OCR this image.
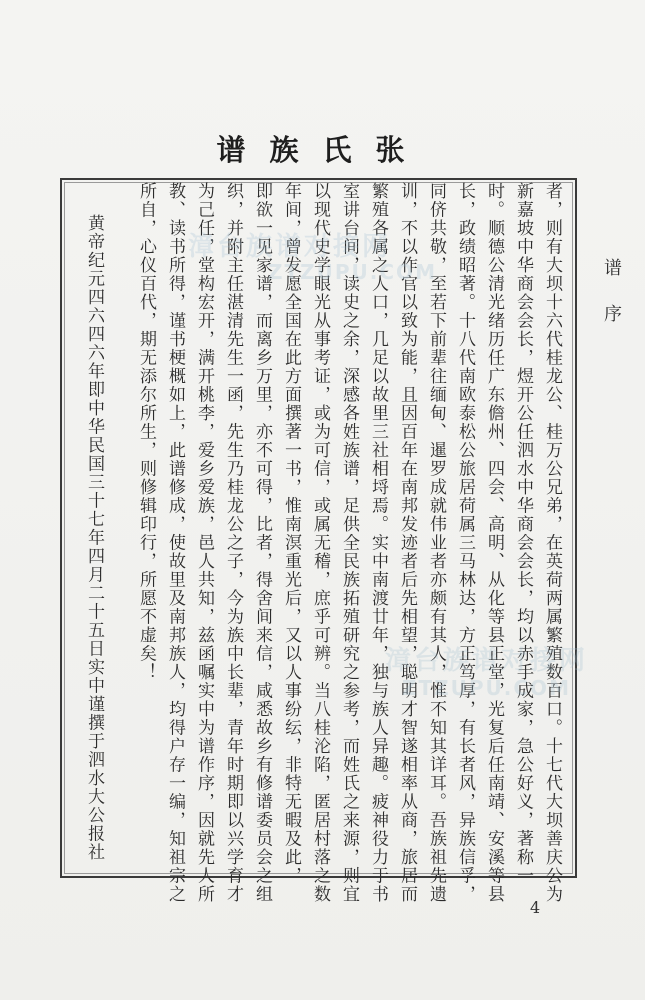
谱族氏张
谱序
者，则有大坝十六代桂龙公、桂万公兄弟，在英荷两属繁殖数百口。十七代大坝善庆公为
新嘉坡中华商会会长，煜开公任泗水中华商会会长，均以赤手成家，急公好义，著称一
时。顺德公清光绪历任广东儋州、四会、高明、从化等县正堂，光复后任南靖、安溪等县
长，政绩昭著。十八代南欧泰松公旅居荷属三马林达，方正笃厚，有长者风，异族信孚，
同侪共敬，至若下前辈往缅甸、暹罗成就伟业者亦颇有其人，惟不知其详耳。吾族祖先遗
训，不以作官以致为能，且因百年在南邦发迹者后先相望，聪明才智遂相率从商，旅居而
繁殖各属之人口，几足以故里三社相埒焉。实中南渡廿年，独与族人异趣。疲神役力于书
室讲台间，读史之余，深感各姓族谱，足供全民族拓殖研究之参考，而姓氏之来源，则宜
以现代史学眼光从事考证，或为可信，或属无稽，庶乎可辨。当八桂沦陷，匿居村落之数
年间，曾发愿全国在此方面撰著一书，惟南溟重光后，又以人事纷纭，非特无暇及此，
即欲一见家谱，而离乡万里，亦不可得，比者，得舍间来信，咸悉故乡有修谱委员会之组
织，并附主任湛清先生一函，先生乃桂龙公之子，今为族中长辈，青年时期即以兴学育才
为己任，堂构宏开，满开桃李，爱乡爱族，邑人共知，兹函嘱实中为谱作序，因就先人所
教、读书所得，谨书梗概如上，此谱修成，使故里及南邦族人，均得户存一编，知祖宗之
所自，心仪百代，期无添尔所生，则修辑印行，所愿不虚矣！
黄帝纪元四六四六年即中华民国三十七年四月二十五日实中谨撰于泗水大公报社	漳台族谱对接网
ZTZUPU.COM
漳台族谱对接网
ZTZUPU.COM
4
